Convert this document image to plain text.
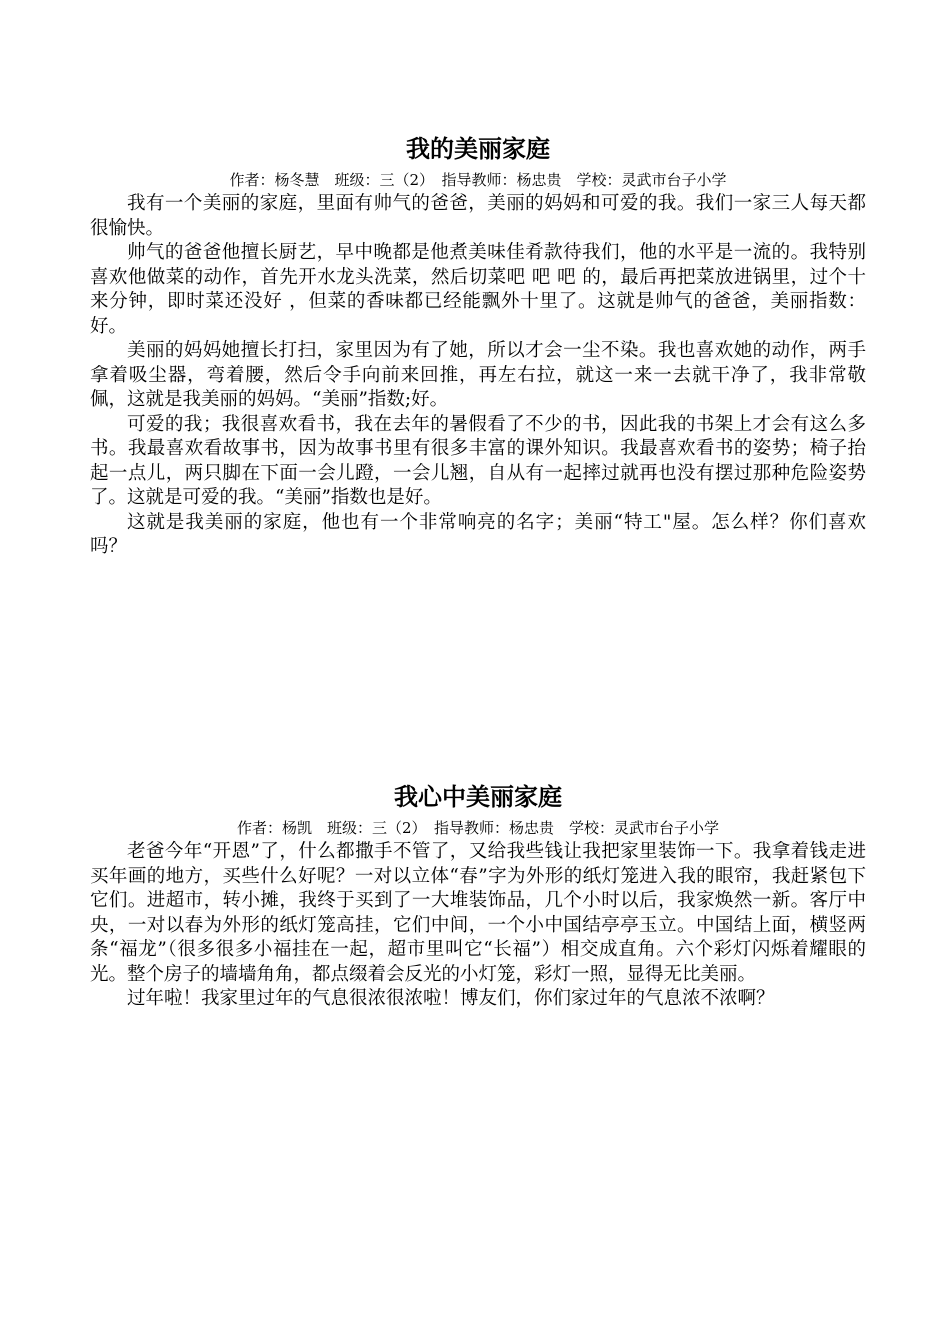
我的美丽家庭
作者：杨冬慧　班级：三（2）　指导教师：杨忠贵　学校：灵武市台子小学

我有一个美丽的家庭，里面有帅气的爸爸，美丽的妈妈和可爱的我。我们一家三人每天都很愉快。

帅气的爸爸他擅长厨艺，早中晚都是他煮美味佳肴款待我们，他的水平是一流的。我特别喜欢他做菜的动作，首先开水龙头洗菜，然后切菜吧 吧 吧 的，最后再把菜放进锅里，过个十来分钟，即时菜还没好 ，但菜的香味都已经能飘外十里了。这就是帅气的爸爸，美丽指数：好。

美丽的妈妈她擅长打扫，家里因为有了她，所以才会一尘不染。我也喜欢她的动作，两手拿着吸尘器，弯着腰，然后令手向前来回推，再左右拉，就这一来一去就干净了，我非常敬佩，这就是我美丽的妈妈。“美丽”指数;好。

可爱的我；我很喜欢看书，我在去年的暑假看了不少的书，因此我的书架上才会有这么多书。我最喜欢看故事书，因为故事书里有很多丰富的课外知识。我最喜欢看书的姿势；椅子抬起一点儿，两只脚在下面一会儿蹬，一会儿翘，自从有一起摔过就再也没有摆过那种危险姿势了。这就是可爱的我。“美丽”指数也是好。

这就是我美丽的家庭，他也有一个非常响亮的名字；美丽“特工"屋。怎么样？你们喜欢吗？

我心中美丽家庭
作者：杨凯　班级：三（2）　指导教师：杨忠贵　学校：灵武市台子小学

老爸今年“开恩”了，什么都撒手不管了，又给我些钱让我把家里装饰一下。我拿着钱走进买年画的地方，买些什么好呢？一对以立体“春”字为外形的纸灯笼进入我的眼帘，我赶紧包下它们。进超市，转小摊，我终于买到了一大堆装饰品，几个小时以后，我家焕然一新。客厅中央，一对以春为外形的纸灯笼高挂，它们中间，一个小中国结亭亭玉立。中国结上面，横竖两条“福龙”（很多很多小福挂在一起，超市里叫它“长福”）相交成直角。六个彩灯闪烁着耀眼的光。整个房子的墙墙角角，都点缀着会反光的小灯笼，彩灯一照，显得无比美丽。

过年啦！我家里过年的气息很浓很浓啦！博友们，你们家过年的气息浓不浓啊？
